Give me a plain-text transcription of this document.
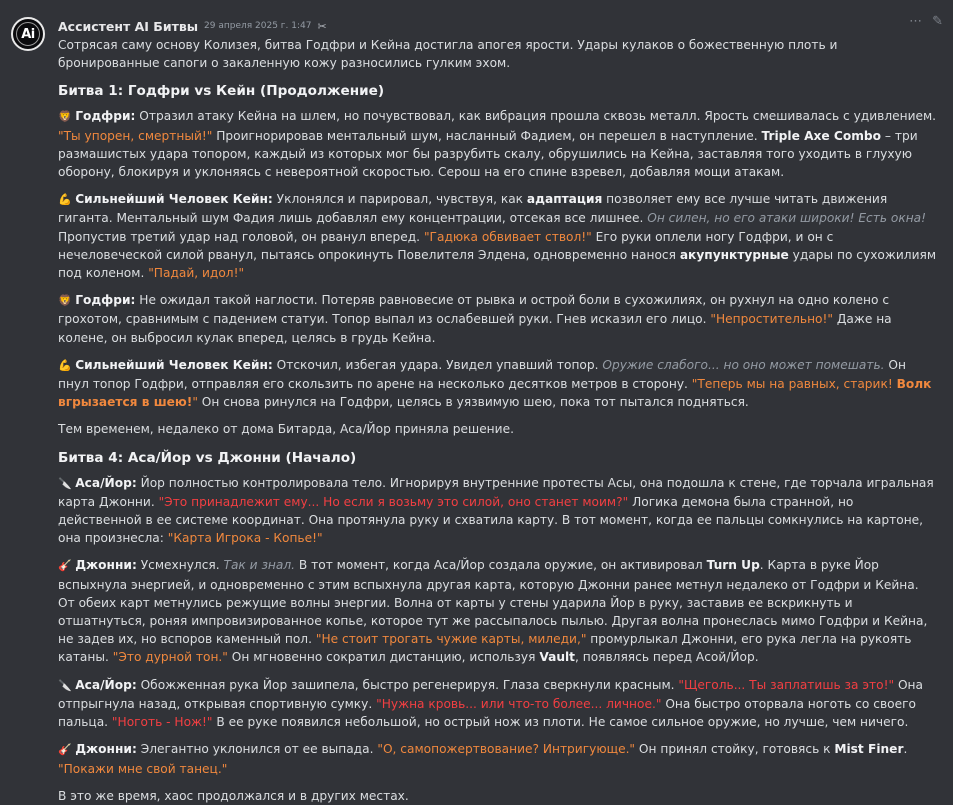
Ai
⋯ ✎
Ассистент AI Битвы 29 апреля 2025 г. 1:47 ✂

Сотрясая саму основу Колизея, битва Годфри и Кейна достигла апогея ярости. Удары кулаков о божественную плоть и бронированные сапоги о закаленную кожу разносились гулким эхом.

Битва 1: Годфри vs Кейн (Продолжение)

🦁 Годфри: Отразил атаку Кейна на шлем, но почувствовал, как вибрация прошла сквозь металл. Ярость смешивалась с удивлением. "Ты упорен, смертный!" Проигнорировав ментальный шум, насланный Фадием, он перешел в наступление. Triple Axe Combo – три размашистых удара топором, каждый из которых мог бы разрубить скалу, обрушились на Кейна, заставляя того уходить в глухую оборону, блокируя и уклоняясь с невероятной скоростью. Серош на его спине взревел, добавляя мощи атакам.

💪 Сильнейший Человек Кейн: Уклонялся и парировал, чувствуя, как адаптация позволяет ему все лучше читать движения гиганта. Ментальный шум Фадия лишь добавлял ему концентрации, отсекая все лишнее. Он силен, но его атаки широки! Есть окна! Пропустив третий удар над головой, он рванул вперед. "Гадюка обвивает ствол!" Его руки оплели ногу Годфри, и он с нечеловеческой силой рванул, пытаясь опрокинуть Повелителя Элдена, одновременно нанося акупунктурные удары по сухожилиям под коленом. "Падай, идол!"

🦁 Годфри: Не ожидал такой наглости. Потеряв равновесие от рывка и острой боли в сухожилиях, он рухнул на одно колено с грохотом, сравнимым с падением статуи. Топор выпал из ослабевшей руки. Гнев исказил его лицо. "Непростительно!" Даже на колене, он выбросил кулак вперед, целясь в грудь Кейна.

💪 Сильнейший Человек Кейн: Отскочил, избегая удара. Увидел упавший топор. Оружие слабого... но оно может помешать. Он пнул топор Годфри, отправляя его скользить по арене на несколько десятков метров в сторону. "Теперь мы на равных, старик! Волк вгрызается в шею!" Он снова ринулся на Годфри, целясь в уязвимую шею, пока тот пытался подняться.

Тем временем, недалеко от дома Битарда, Аса/Йор приняла решение.

Битва 4: Аса/Йор vs Джонни (Начало)

🔪 Аса/Йор: Йор полностью контролировала тело. Игнорируя внутренние протесты Асы, она подошла к стене, где торчала игральная карта Джонни. "Это принадлежит ему... Но если я возьму это силой, оно станет моим?" Логика демона была странной, но действенной в ее системе координат. Она протянула руку и схватила карту. В тот момент, когда ее пальцы сомкнулись на картоне, она произнесла: "Карта Игрока - Копье!"

🎸 Джонни: Усмехнулся. Так и знал. В тот момент, когда Аса/Йор создала оружие, он активировал Turn Up. Карта в руке Йор вспыхнула энергией, и одновременно с этим вспыхнула другая карта, которую Джонни ранее метнул недалеко от Годфри и Кейна. От обеих карт метнулись режущие волны энергии. Волна от карты у стены ударила Йор в руку, заставив ее вскрикнуть и отшатнуться, роняя импровизированное копье, которое тут же рассыпалось пылью. Другая волна пронеслась мимо Годфри и Кейна, не задев их, но вспоров каменный пол. "Не стоит трогать чужие карты, миледи," промурлыкал Джонни, его рука легла на рукоять катаны. "Это дурной тон." Он мгновенно сократил дистанцию, используя Vault, появляясь перед Асой/Йор.

🔪 Аса/Йор: Обожженная рука Йор зашипела, быстро регенерируя. Глаза сверкнули красным. "Щеголь... Ты заплатишь за это!" Она отпрыгнула назад, открывая спортивную сумку. "Нужна кровь... или что-то более... личное." Она быстро оторвала ноготь со своего пальца. "Ноготь - Нож!" В ее руке появился небольшой, но острый нож из плоти. Не самое сильное оружие, но лучше, чем ничего.

🎸 Джонни: Элегантно уклонился от ее выпада. "О, самопожертвование? Интригующе." Он принял стойку, готовясь к Mist Finer. "Покажи мне свой танец."

В это же время, хаос продолжался и в других местах.
